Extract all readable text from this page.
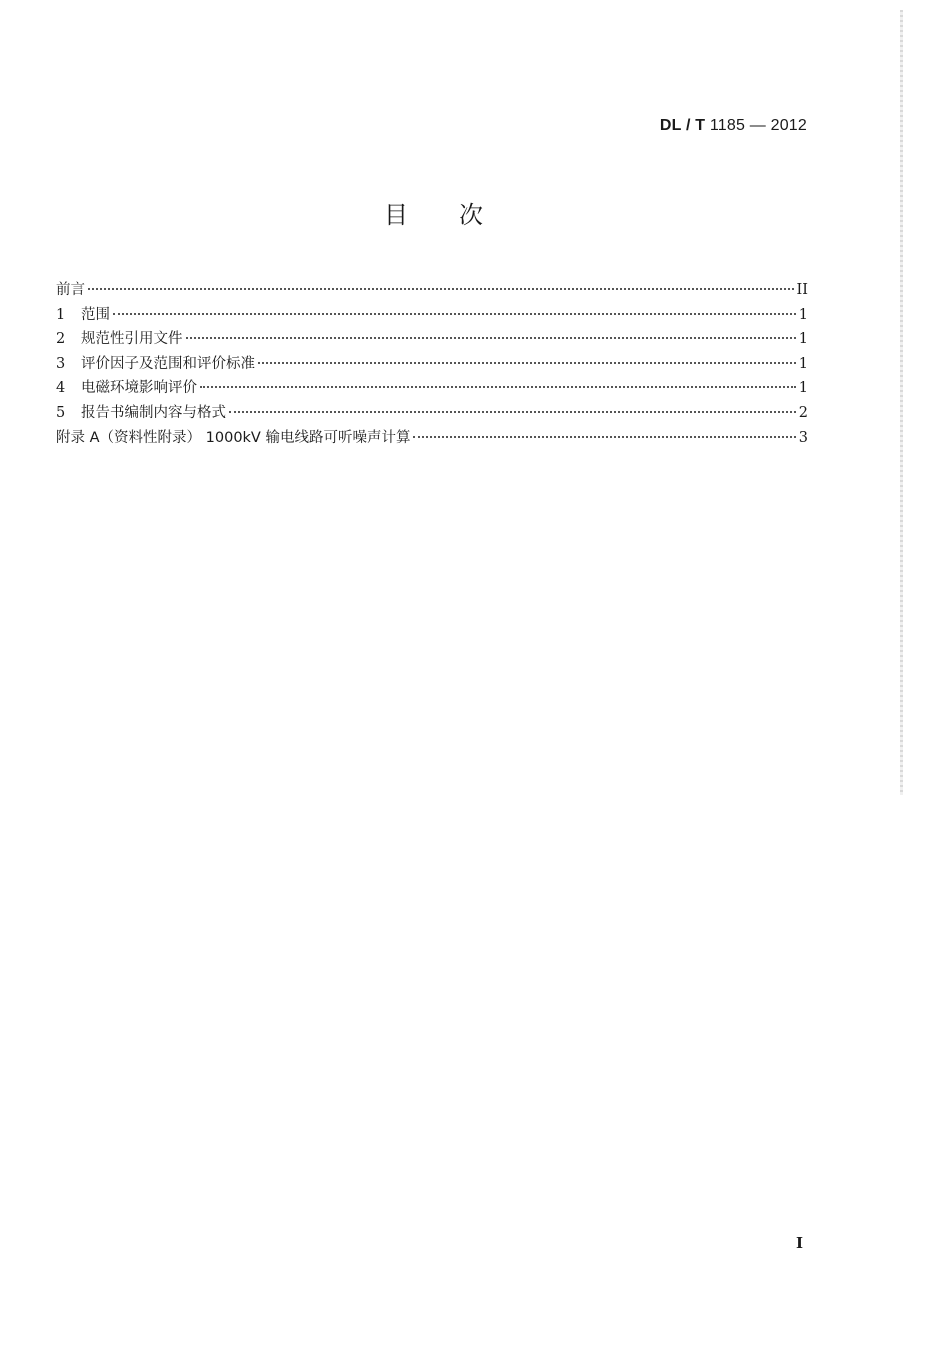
DL / T 1185 — 2012
目 次
前言	II
1	范围	1
2	规范性引用文件	1
3	评价因子及范围和评价标准	1
4	电磁环境影响评价	1
5	报告书编制内容与格式	2
附录 A（资料性附录） 1000kV 输电线路可听噪声计算	3
I
